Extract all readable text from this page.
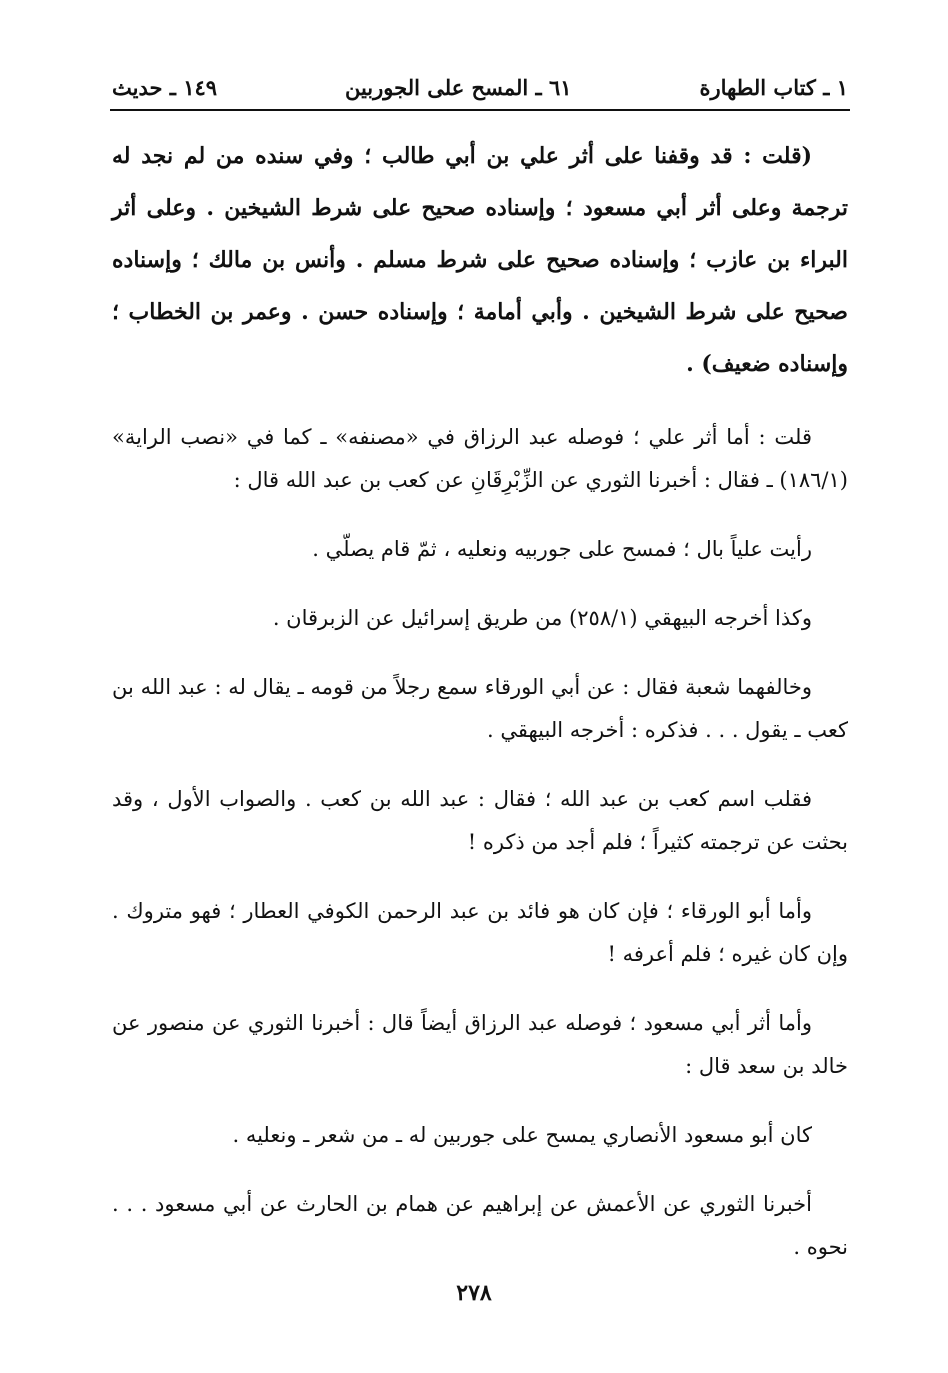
١ ـ كتاب الطهارة
٦١ ـ المسح على الجوربين
١٤٩ ـ حديث

(قلت : قد وقفنا على أثر علي بن أبي طالب ؛ وفي سنده من لم نجد له ترجمة وعلى أثر أبي مسعود ؛ وإسناده صحيح على شرط الشيخين . وعلى أثر البراء بن عازب ؛ وإسناده صحيح على شرط مسلم . وأنس بن مالك ؛ وإسناده صحيح على شرط الشيخين . وأبي أمامة ؛ وإسناده حسن . وعمر بن الخطاب ؛ وإسناده ضعيف) .

قلت : أما أثر علي ؛ فوصله عبد الرزاق في «مصنفه» ـ كما في «نصب الراية» (١٨٦/١) ـ فقال : أخبرنا الثوري عن الزِّبْرِقَانِ عن كعب بن عبد الله قال :

رأيت علياً بال ؛ فمسح على جوربيه ونعليه ، ثمّ قام يصلّي .

وكذا أخرجه البيهقي (٢٥٨/١) من طريق إسرائيل عن الزبرقان .

وخالفهما شعبة فقال : عن أبي الورقاء سمع رجلاً من قومه ـ يقال له : عبد الله بن كعب ـ يقول . . . فذكره : أخرجه البيهقي .

فقلب اسم كعب بن عبد الله ؛ فقال : عبد الله بن كعب . والصواب الأول ، وقد بحثت عن ترجمته كثيراً ؛ فلم أجد من ذكره !

وأما أبو الورقاء ؛ فإن كان هو فائد بن عبد الرحمن الكوفي العطار ؛ فهو متروك . وإن كان غيره ؛ فلم أعرفه !

وأما أثر أبي مسعود ؛ فوصله عبد الرزاق أيضاً قال : أخبرنا الثوري عن منصور عن خالد بن سعد قال :

كان أبو مسعود الأنصاري يمسح على جوربين له ـ من شعر ـ ونعليه .

أخبرنا الثوري عن الأعمش عن إبراهيم عن همام بن الحارث عن أبي مسعود . . . نحوه .

٢٧٨
